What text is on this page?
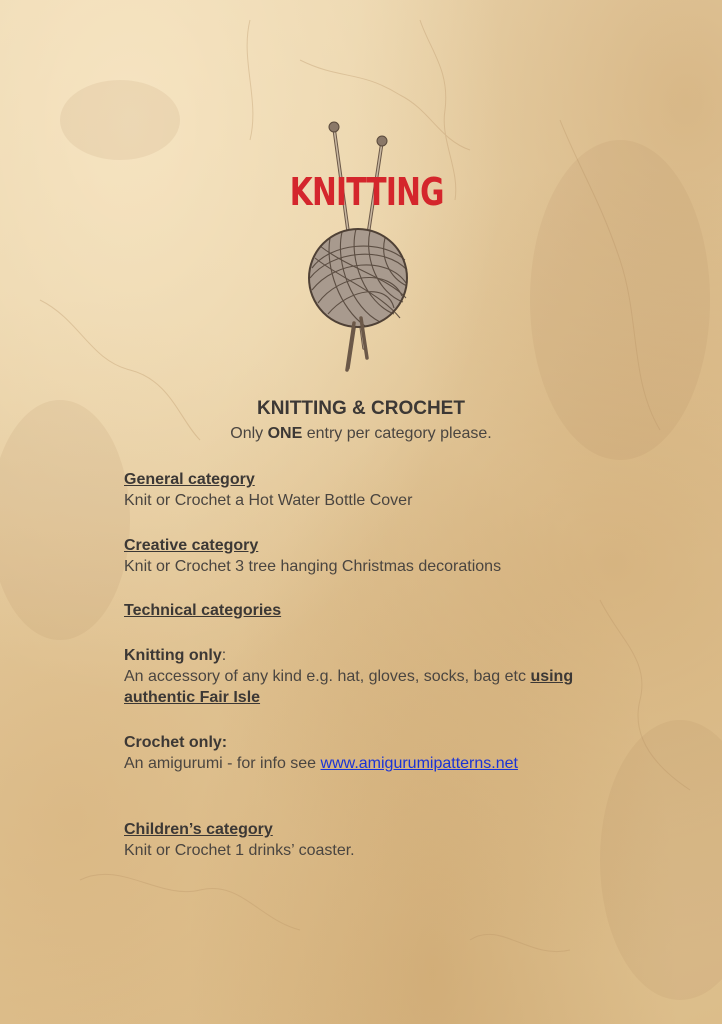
KNITTING
KNITTING & CROCHET
Only ONE entry per category please.
General category
Knit or Crochet a Hot Water Bottle Cover
Creative category
Knit or Crochet 3 tree hanging Christmas decorations
Technical categories
Knitting only:
An accessory of any kind e.g. hat, gloves, socks, bag etc using
authentic Fair Isle
Crochet only:
An amigurumi - for info see www.amigurumipatterns.net
Children’s category
Knit or Crochet 1 drinks’ coaster.
